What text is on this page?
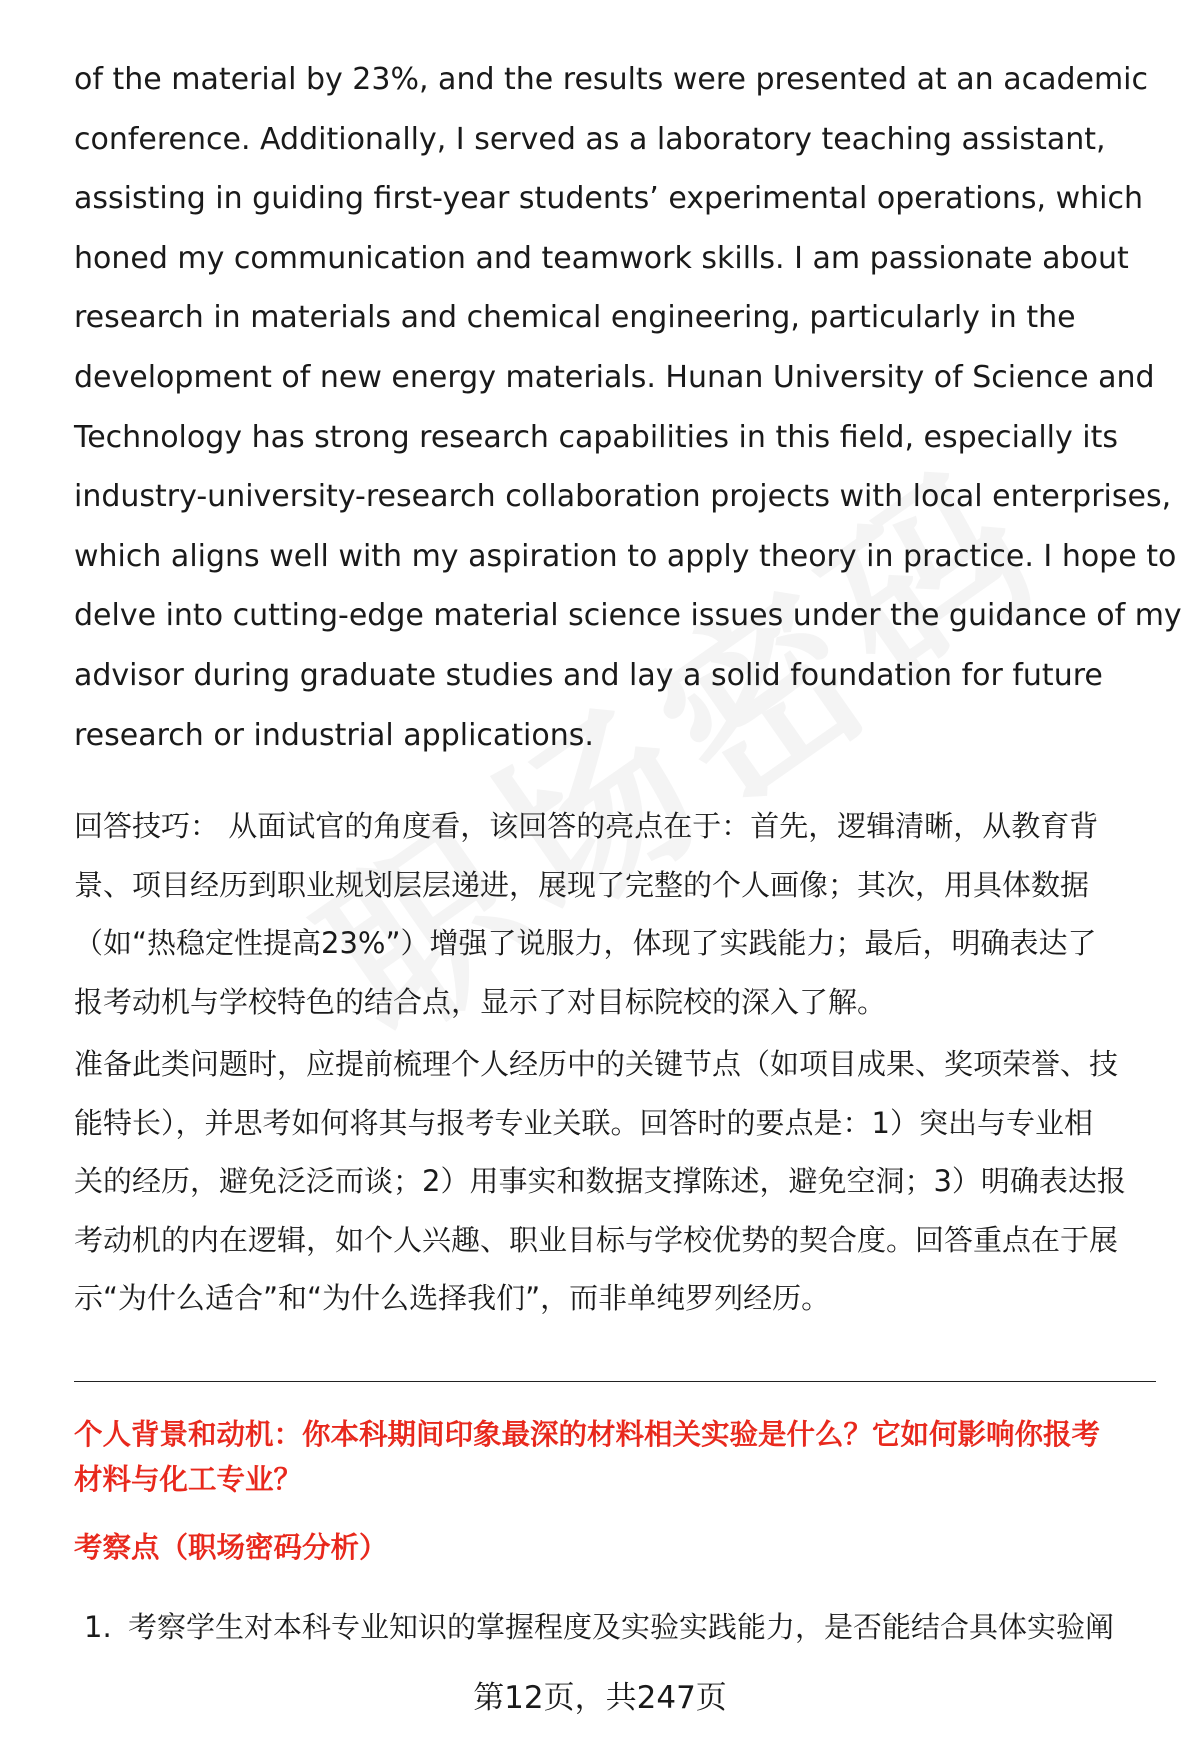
of the material by 23%, and the results were presented at an academic
conference. Additionally, I served as a laboratory teaching assistant,
assisting in guiding first-year students’ experimental operations, which
honed my communication and teamwork skills. I am passionate about
research in materials and chemical engineering, particularly in the
development of new energy materials. Hunan University of Science and
Technology has strong research capabilities in this field, especially its
industry-university-research collaboration projects with local enterprises,
which aligns well with my aspiration to apply theory in practice. I hope to
delve into cutting-edge material science issues under the guidance of my
advisor during graduate studies and lay a solid foundation for future
research or industrial applications.
回答技巧： 从面试官的角度看，该回答的亮点在于：首先，逻辑清晰，从教育背
景、项目经历到职业规划层层递进，展现了完整的个人画像；其次，用具体数据
（如“热稳定性提高23%”）增强了说服力，体现了实践能力；最后，明确表达了
报考动机与学校特色的结合点，显示了对目标院校的深入了解。
准备此类问题时，应提前梳理个人经历中的关键节点（如项目成果、奖项荣誉、技
能特长），并思考如何将其与报考专业关联。回答时的要点是：1）突出与专业相
关的经历，避免泛泛而谈；2）用事实和数据支撑陈述，避免空洞；3）明确表达报
考动机的内在逻辑，如个人兴趣、职业目标与学校优势的契合度。回答重点在于展
示“为什么适合”和“为什么选择我们”，而非单纯罗列经历。
个人背景和动机：你本科期间印象最深的材料相关实验是什么？它如何影响你报考
材料与化工专业？
考察点（职场密码分析）
1. 考察学生对本科专业知识的掌握程度及实验实践能力，是否能结合具体实验阐
第12页，共247页
